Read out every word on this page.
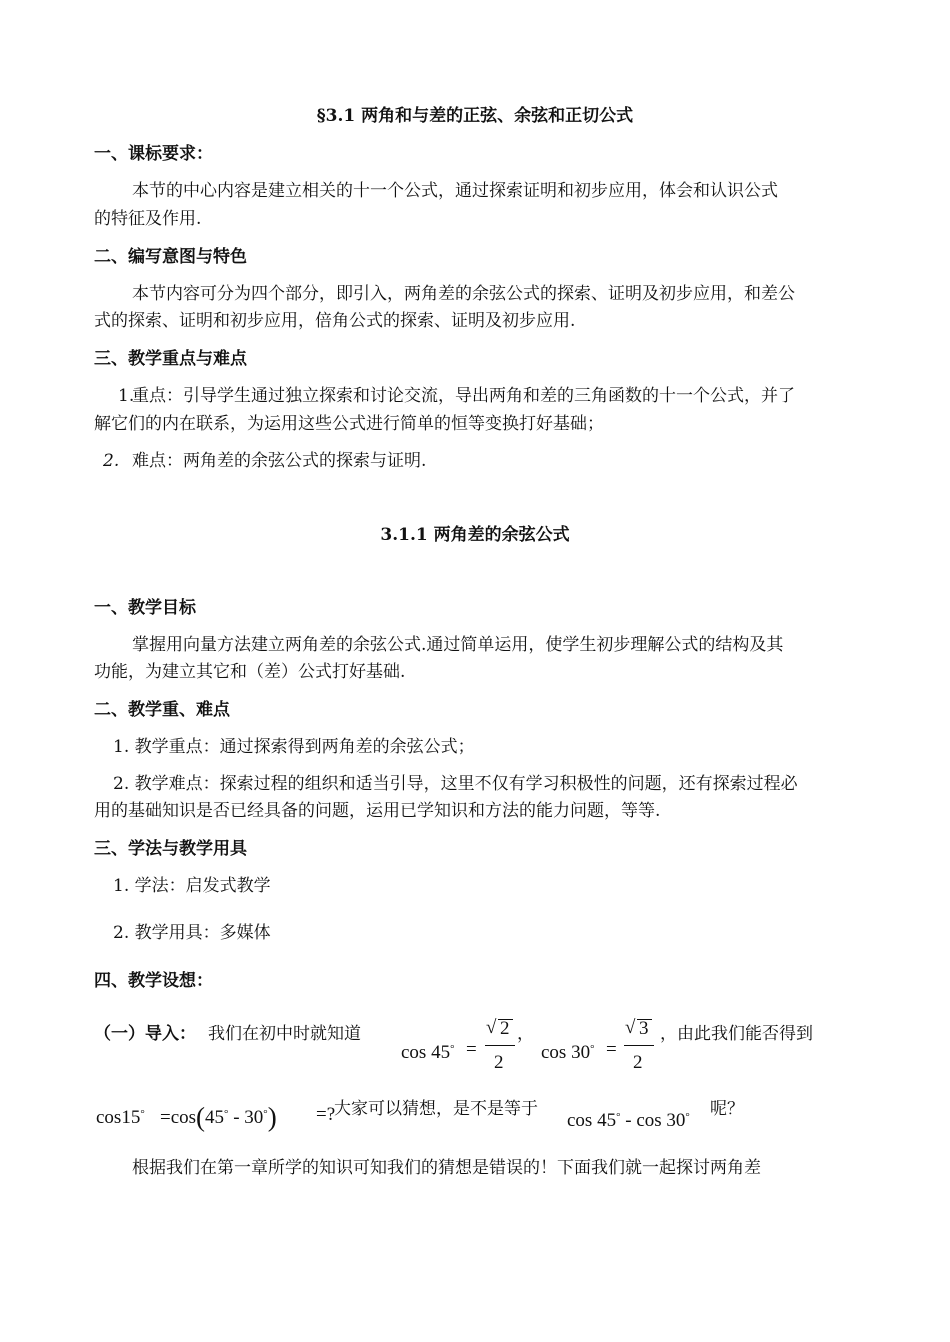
§3.1 两角和与差的正弦、余弦和正切公式
一、课标要求：
本节的中心内容是建立相关的十一个公式，通过探索证明和初步应用，体会和认识公式
的特征及作用.
二、编写意图与特色
本节内容可分为四个部分，即引入，两角差的余弦公式的探索、证明及初步应用，和差公
式的探索、证明和初步应用，倍角公式的探索、证明及初步应用.
三、教学重点与难点
1.
重点：引导学生通过独立探索和讨论交流，导出两角和差的三角函数的十一个公式，并了
解它们的内在联系，为运用这些公式进行简单的恒等变换打好基础；
2. 难点：两角差的余弦公式的探索与证明.
3.1.1 两角差的余弦公式
一、教学目标
掌握用向量方法建立两角差的余弦公式.通过简单运用，使学生初步理解公式的结构及其
功能，为建立其它和（差）公式打好基础.
二、教学重、难点
1. 教学重点：通过探索得到两角差的余弦公式；
2. 教学难点：探索过程的组织和适当引导，这里不仅有学习积极性的问题，还有探索过程必
用的基础知识是否已经具备的问题，运用已学知识和方法的能力问题，等等.
三、学法与教学用具
1. 学法：启发式教学
2. 教学用具：多媒体
四、教学设想：
（一）导入： 我们在初中时就知道
cos 45° =
√ 2
2
，
cos 30° =
√ 3
2
，由此我们能否得到
cos15° =cos(45° - 30°) =?
大家可以猜想，是不是等于
cos 45° - cos 30° 呢？
根据我们在第一章所学的知识可知我们的猜想是错误的！下面我们就一起探讨两角差
